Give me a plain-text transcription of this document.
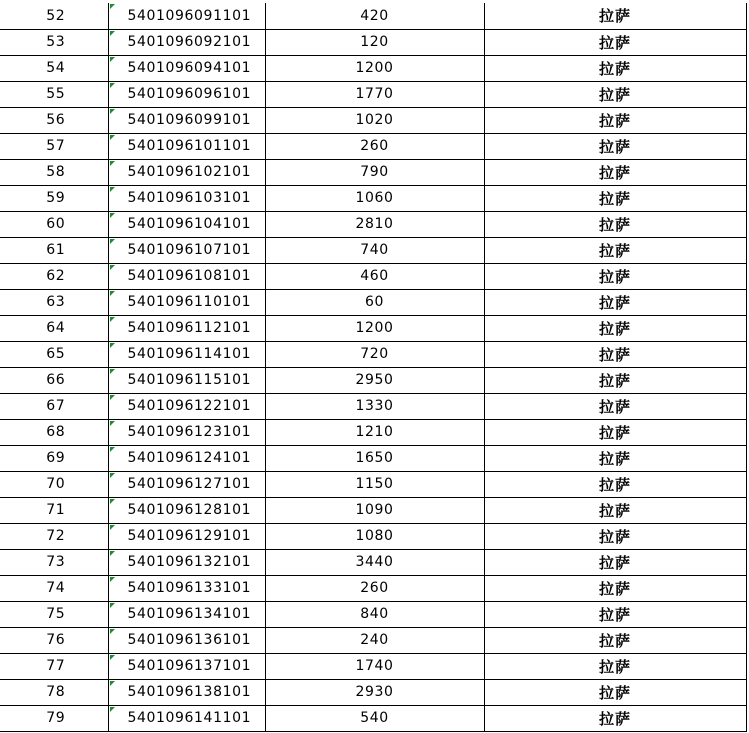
52	5401096091101	420	拉萨
53	5401096092101	120	拉萨
54	5401096094101	1200	拉萨
55	5401096096101	1770	拉萨
56	5401096099101	1020	拉萨
57	5401096101101	260	拉萨
58	5401096102101	790	拉萨
59	5401096103101	1060	拉萨
60	5401096104101	2810	拉萨
61	5401096107101	740	拉萨
62	5401096108101	460	拉萨
63	5401096110101	60	拉萨
64	5401096112101	1200	拉萨
65	5401096114101	720	拉萨
66	5401096115101	2950	拉萨
67	5401096122101	1330	拉萨
68	5401096123101	1210	拉萨
69	5401096124101	1650	拉萨
70	5401096127101	1150	拉萨
71	5401096128101	1090	拉萨
72	5401096129101	1080	拉萨
73	5401096132101	3440	拉萨
74	5401096133101	260	拉萨
75	5401096134101	840	拉萨
76	5401096136101	240	拉萨
77	5401096137101	1740	拉萨
78	5401096138101	2930	拉萨
79	5401096141101	540	拉萨
